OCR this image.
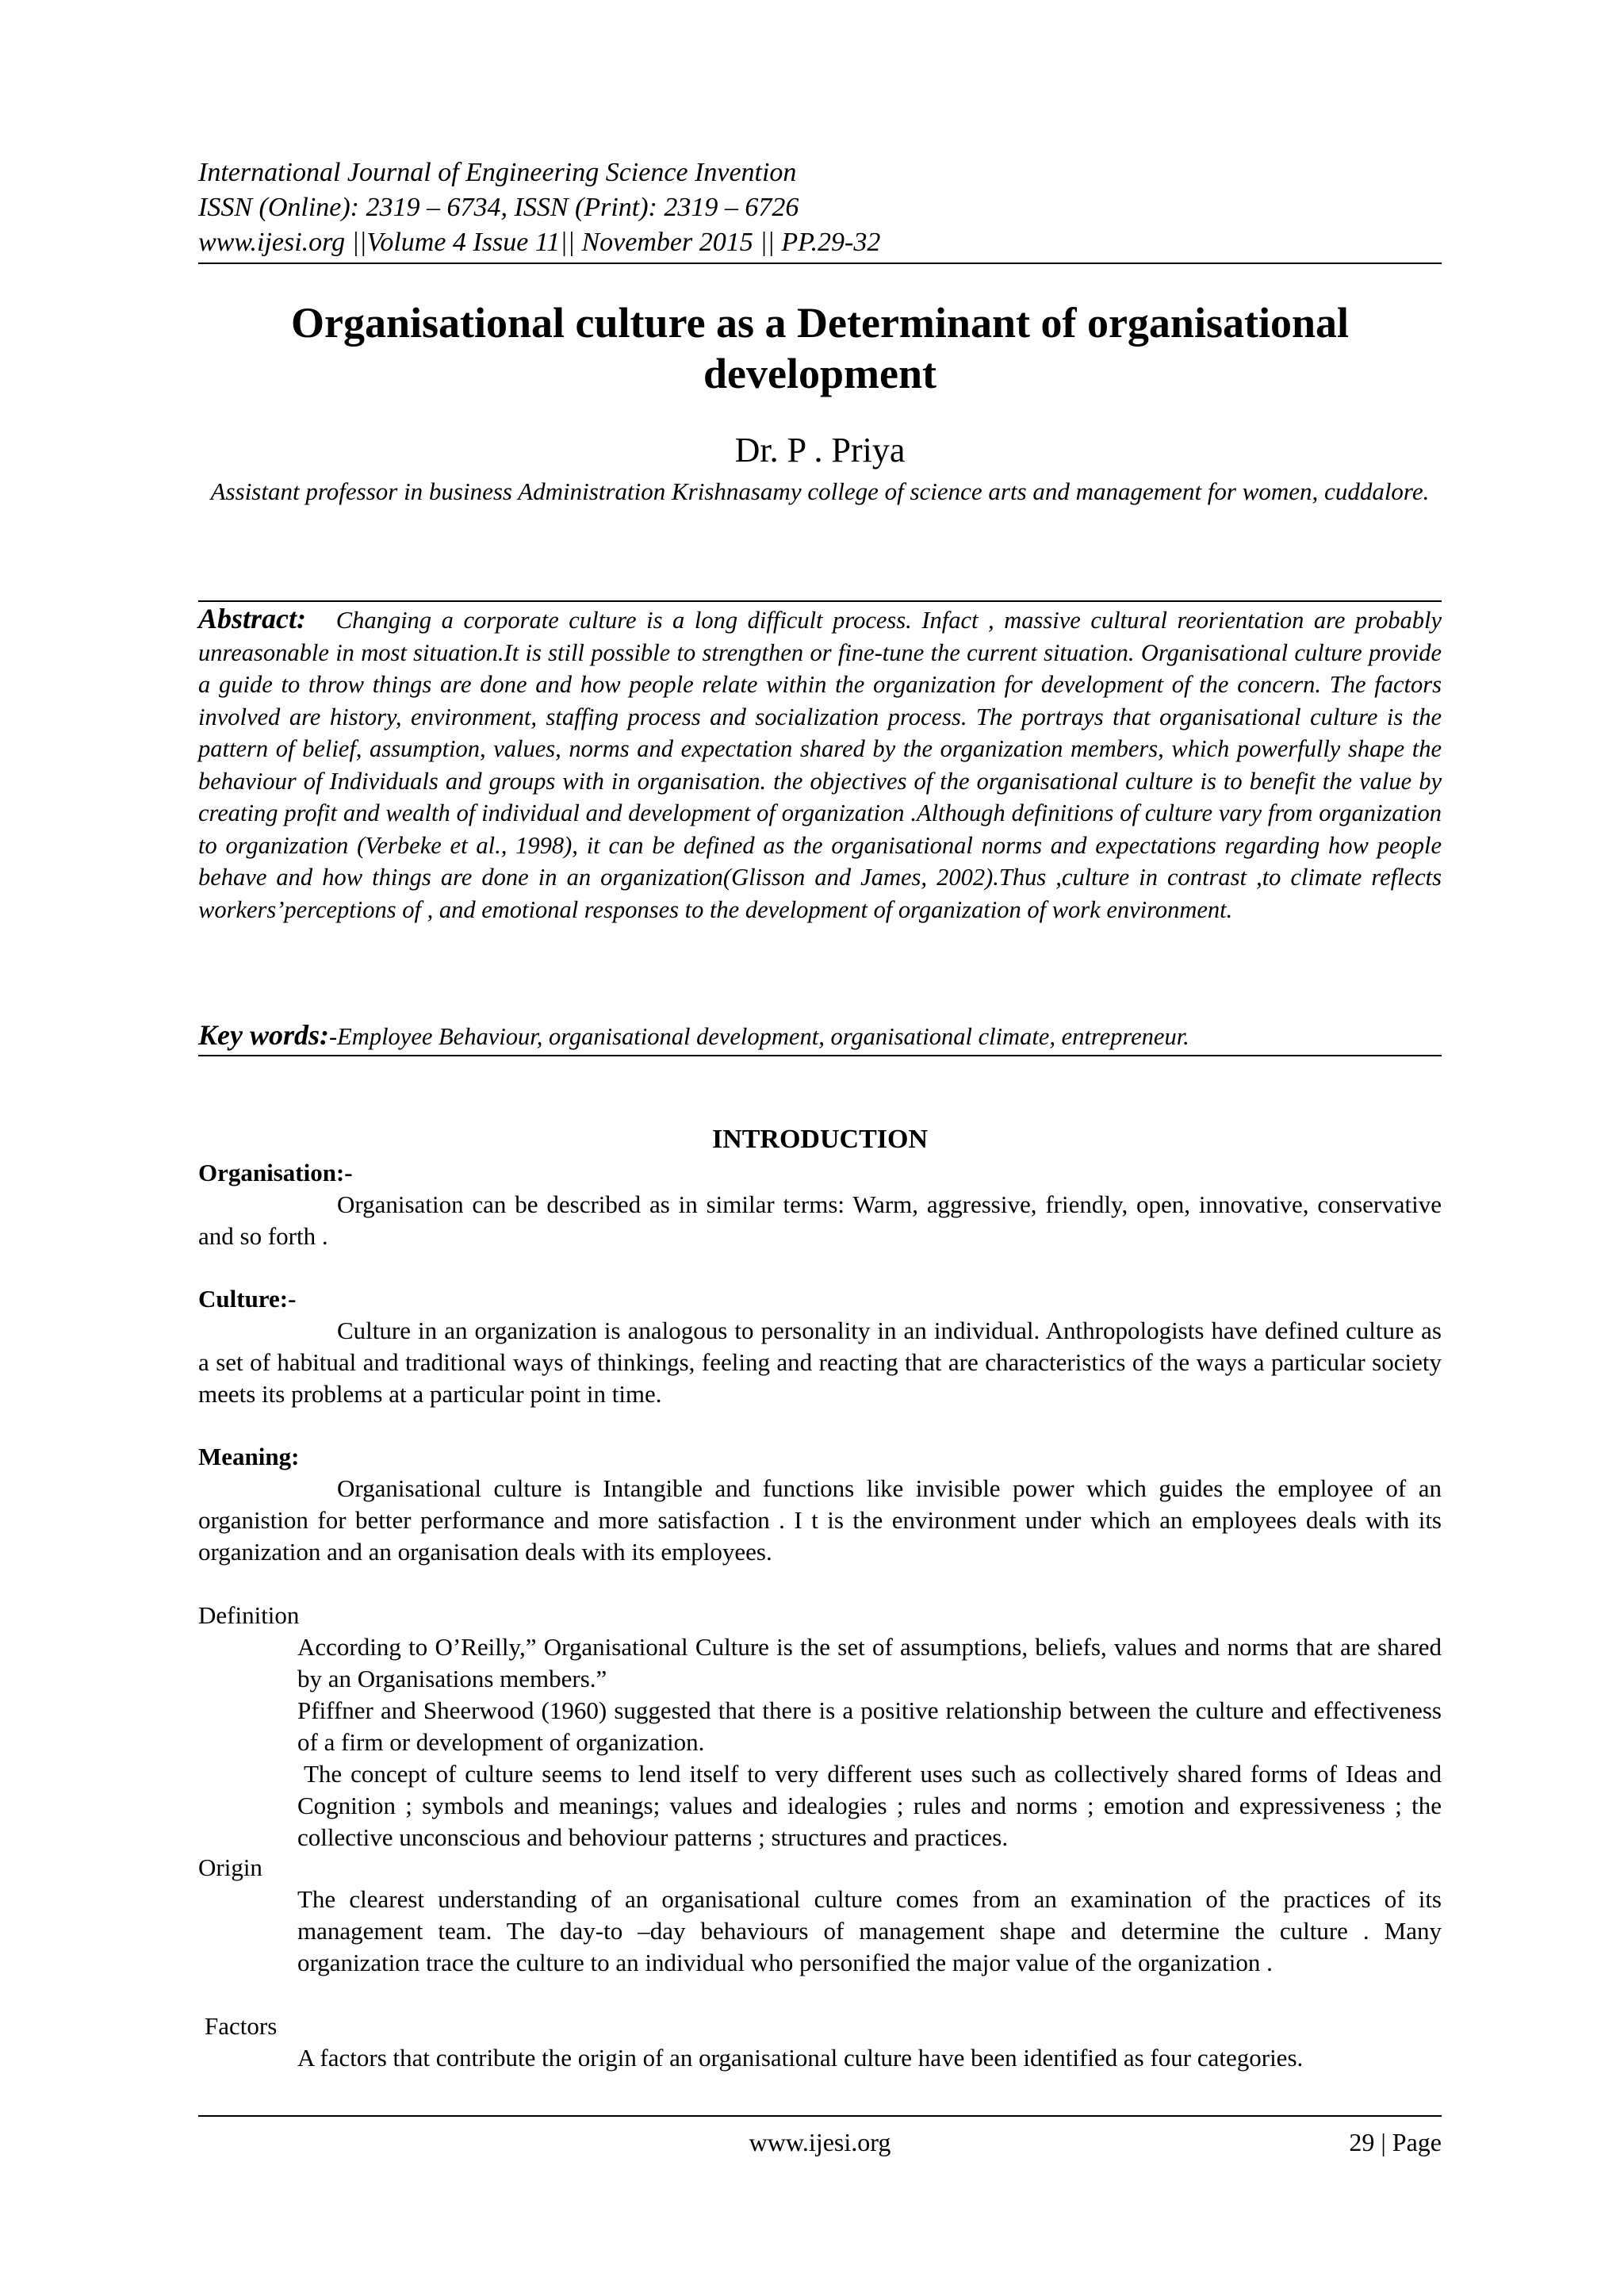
International Journal of Engineering Science Invention
ISSN (Online): 2319 – 6734, ISSN (Print): 2319 – 6726
www.ijesi.org ||Volume 4 Issue 11|| November 2015 || PP.29-32
Organisational culture as a Determinant of organisational development
Dr. P . Priya
Assistant professor in business Administration Krishnasamy college of science arts and management for women, cuddalore.
Abstract: Changing a corporate culture is a long difficult process. Infact , massive cultural reorientation are probably unreasonable in most situation.It is still possible to strengthen or fine-tune the current situation. Organisational culture provide a guide to throw things are done and how people relate within the organization for development of the concern. The factors involved are history, environment, staffing process and socialization process. The portrays that organisational culture is the pattern of belief, assumption, values, norms and expectation shared by the organization members, which powerfully shape the behaviour of Individuals and groups with in organisation. the objectives of the organisational culture is to benefit the value by creating profit and wealth of individual and development of organization .Although definitions of culture vary from organization to organization (Verbeke et al., 1998), it can be defined as the organisational norms and expectations regarding how people behave and how things are done in an organization(Glisson and James, 2002).Thus ,culture in contrast ,to climate reflects workers’perceptions of , and emotional responses to the development of organization of work environment.
Key words:-Employee Behaviour, organisational development, organisational climate, entrepreneur.
INTRODUCTION
Organisation:-
Organisation can be described as in similar terms: Warm, aggressive, friendly, open, innovative, conservative and so forth .
Culture:-
Culture in an organization is analogous to personality in an individual. Anthropologists have defined culture as a set of habitual and traditional ways of thinkings, feeling and reacting that are characteristics of the ways a particular society meets its problems at a particular point in time.
Meaning:
Organisational culture is Intangible and functions like invisible power which guides the employee of an organistion for better performance and more satisfaction . I t is the environment under which an employees deals with its organization and an organisation deals with its employees.
Definition

According to O’Reilly,” Organisational Culture is the set of assumptions, beliefs, values and norms that are shared by an Organisations members.”

Pfiffner and Sheerwood (1960) suggested that there is a positive relationship between the culture and effectiveness of a firm or development of organization.

The concept of culture seems to lend itself to very different uses such as collectively shared forms of Ideas and Cognition ; symbols and meanings; values and idealogies ; rules and norms ; emotion and expressiveness ; the collective unconscious and behoviour patterns ; structures and practices.

Origin

The clearest understanding of an organisational culture comes from an examination of the practices of its management team. The day-to –day behaviours of management shape and determine the culture . Many organization trace the culture to an individual who personified the major value of the organization .

Factors

A factors that contribute the origin of an organisational culture have been identified as four categories.

www.ijesi.org	29 | Page
